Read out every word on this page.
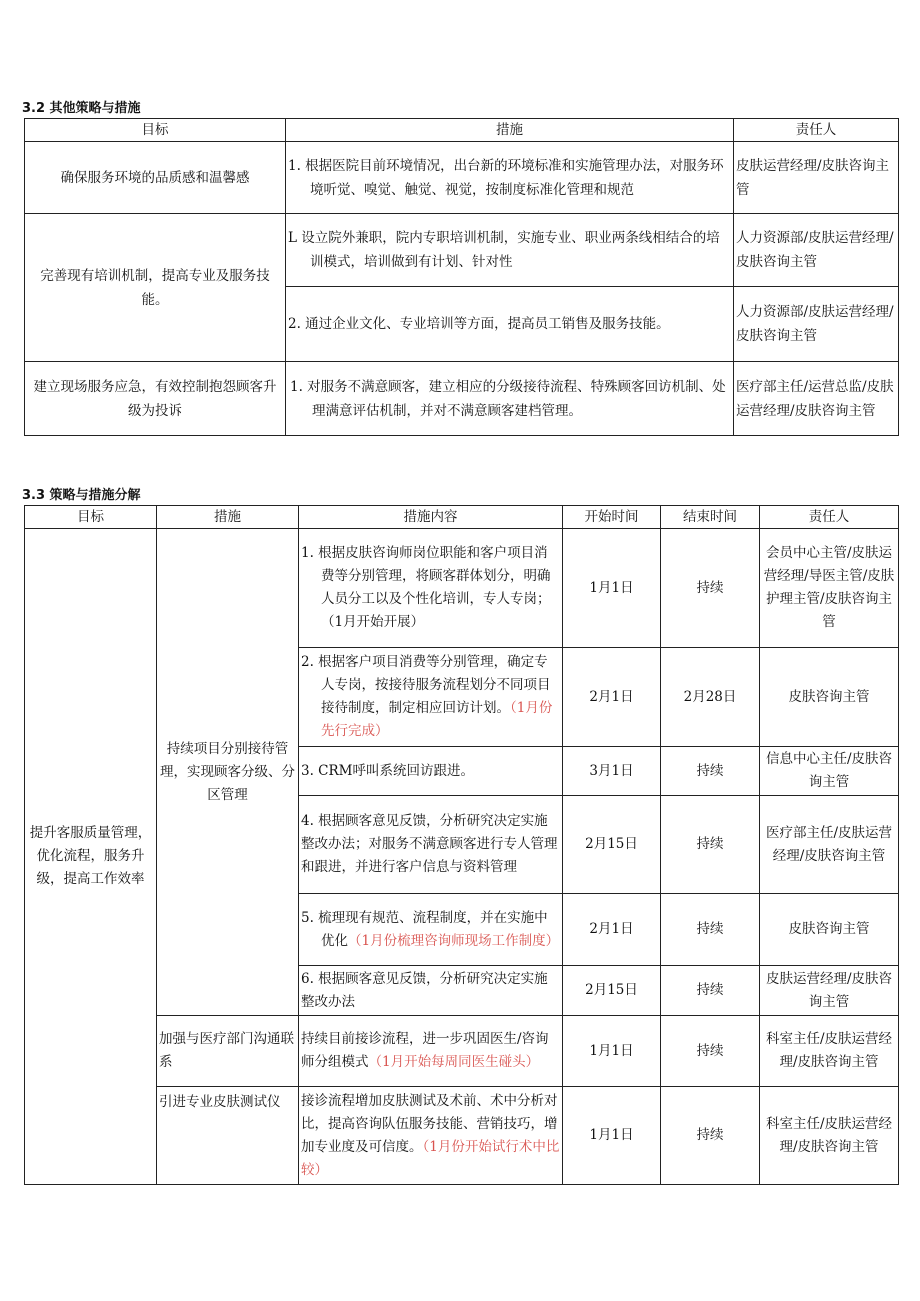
3.2 其他策略与措施
目标	措施	责任人
确保服务环境的品质感和温馨感	1. 根据医院目前环境情况，出台新的环境标准和实施管理办法，对服务环境听觉、嗅觉、触觉、视觉，按制度标准化管理和规范	皮肤运营经理/皮肤咨询主管
完善现有培训机制，提高专业及服务技能。	L 设立院外兼职，院内专职培训机制，实施专业、职业两条线相结合的培训模式，培训做到有计划、针对性	人力资源部/皮肤运营经理/皮肤咨询主管
	2. 通过企业文化、专业培训等方面，提高员工销售及服务技能。	人力资源部/皮肤运营经理/皮肤咨询主管
建立现场服务应急，有效控制抱怨顾客升级为投诉	1. 对服务不满意顾客，建立相应的分级接待流程、特殊顾客回访机制、处理满意评估机制，并对不满意顾客建档管理。	医疗部主任/运营总监/皮肤运营经理/皮肤咨询主管
3.3 策略与措施分解
目标	措施	措施内容	开始时间	结束时间	责任人
提升客服质量管理，优化流程，服务升级，提高工作效率	持续项目分别接待管理，实现顾客分级、分区管理	1. 根据皮肤咨询师岗位职能和客户项目消费等分别管理，将顾客群体划分，明确人员分工以及个性化培训，专人专岗；（1月开始开展）	1月1日	持续	会员中心主管/皮肤运营经理/导医主管/皮肤护理主管/皮肤咨询主管
		2. 根据客户项目消费等分别管理，确定专人专岗，按接待服务流程划分不同项目接待制度，制定相应回访计划。（1月份先行完成）	2月1日	2月28日	皮肤咨询主管
		3. CRM呼叫系统回访跟进。	3月1日	持续	信息中心主任/皮肤咨询主管
		4. 根据顾客意见反馈，分析研究决定实施整改办法；对服务不满意顾客进行专人管理和跟进，并进行客户信息与资料管理	2月15日	持续	医疗部主任/皮肤运营经理/皮肤咨询主管
		5. 梳理现有规范、流程制度，并在实施中优化（1月份梳理咨询师现场工作制度）	2月1日	持续	皮肤咨询主管
		6. 根据顾客意见反馈，分析研究决定实施整改办法	2月15日	持续	皮肤运营经理/皮肤咨询主管
	加强与医疗部门沟通联系	持续目前接诊流程，进一步巩固医生/咨询师分组模式（1月开始每周同医生碰头）	1月1日	持续	科室主任/皮肤运营经理/皮肤咨询主管
	引进专业皮肤测试仪	接诊流程增加皮肤测试及术前、术中分析对比，提高咨询队伍服务技能、营销技巧，增加专业度及可信度。（1月份开始试行术中比较）	1月1日	持续	科室主任/皮肤运营经理/皮肤咨询主管
